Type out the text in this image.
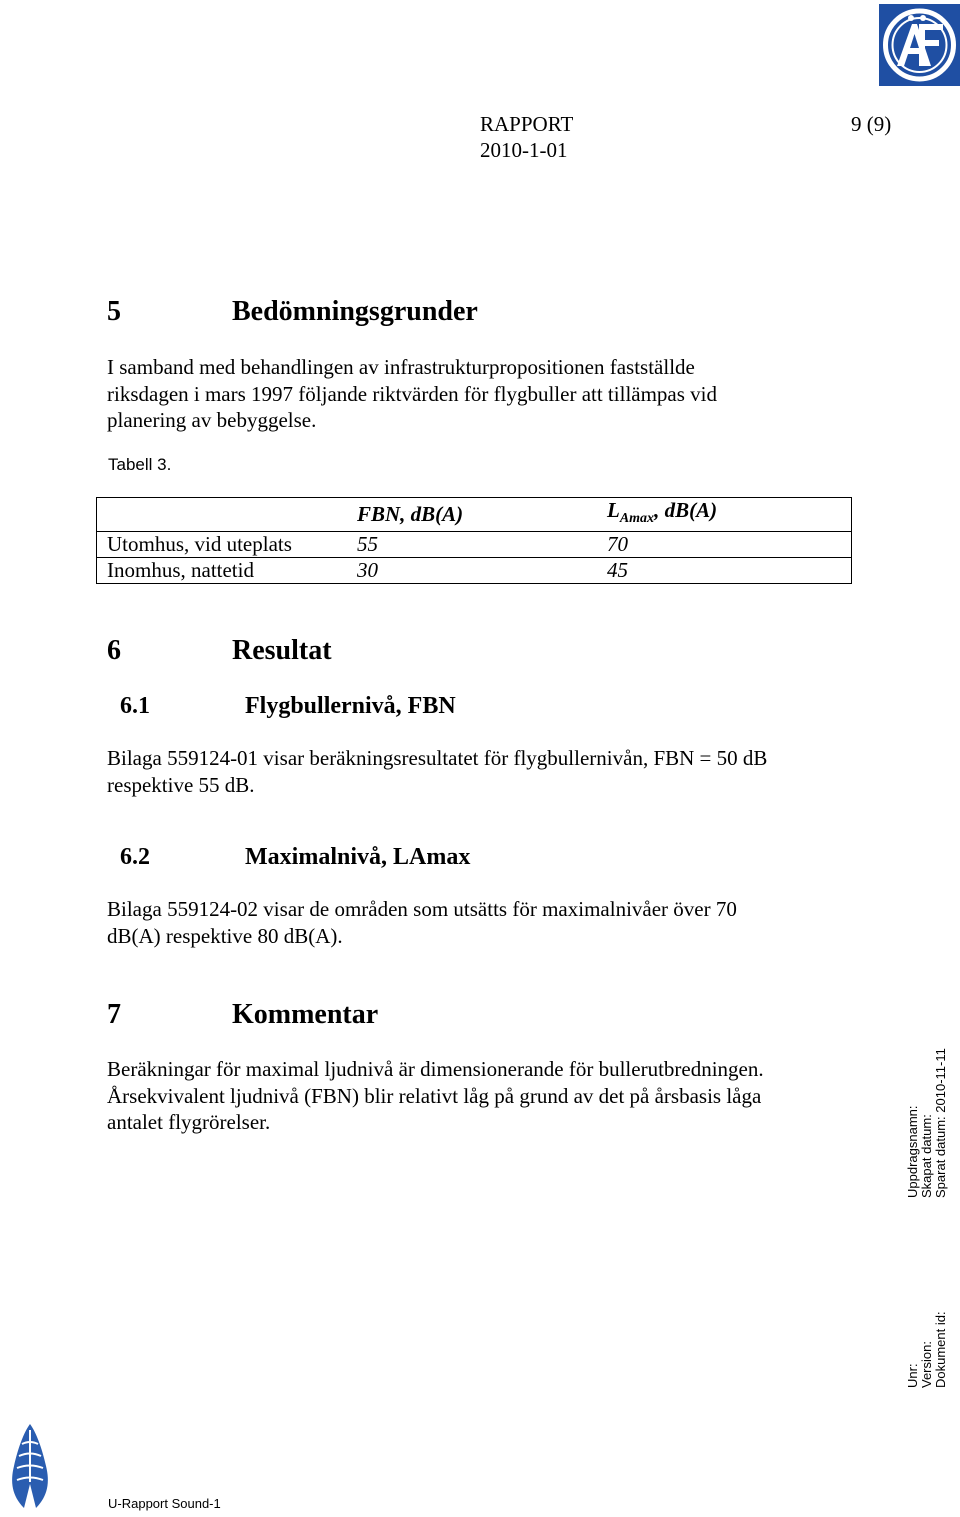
RAPPORT	9 (9)
2010-1-01
5	Bedömningsgrunder
I samband med behandlingen av infrastrukturpropositionen fastställde
riksdagen i mars 1997 följande riktvärden för flygbuller att tillämpas vid
planering av bebyggelse.
Tabell 3.
	FBN, dB(A)	$L_{Amax}$, dB(A)
Utomhus, vid uteplats	55	70
Inomhus, nattetid	30	45
6	Resultat
6.1	Flygbullernivå, FBN
Bilaga 559124-01 visar beräkningsresultatet för flygbullernivån, FBN = 50 dB
respektive 55 dB.
6.2	Maximalnivå, LAmax
Bilaga 559124-02 visar de områden som utsätts för maximalnivåer över 70
dB(A) respektive 80 dB(A).
7	Kommentar
Beräkningar för maximal ljudnivå är dimensionerande för bullerutbredningen.
Årsekvivalent ljudnivå (FBN) blir relativt låg på grund av det på årsbasis låga
antalet flygrörelser.	Uppdragsnamn: Skapat datum: Sparat datum: 2010-11-11
Unr: Version: Dokument id:
U-Rapport Sound-1
